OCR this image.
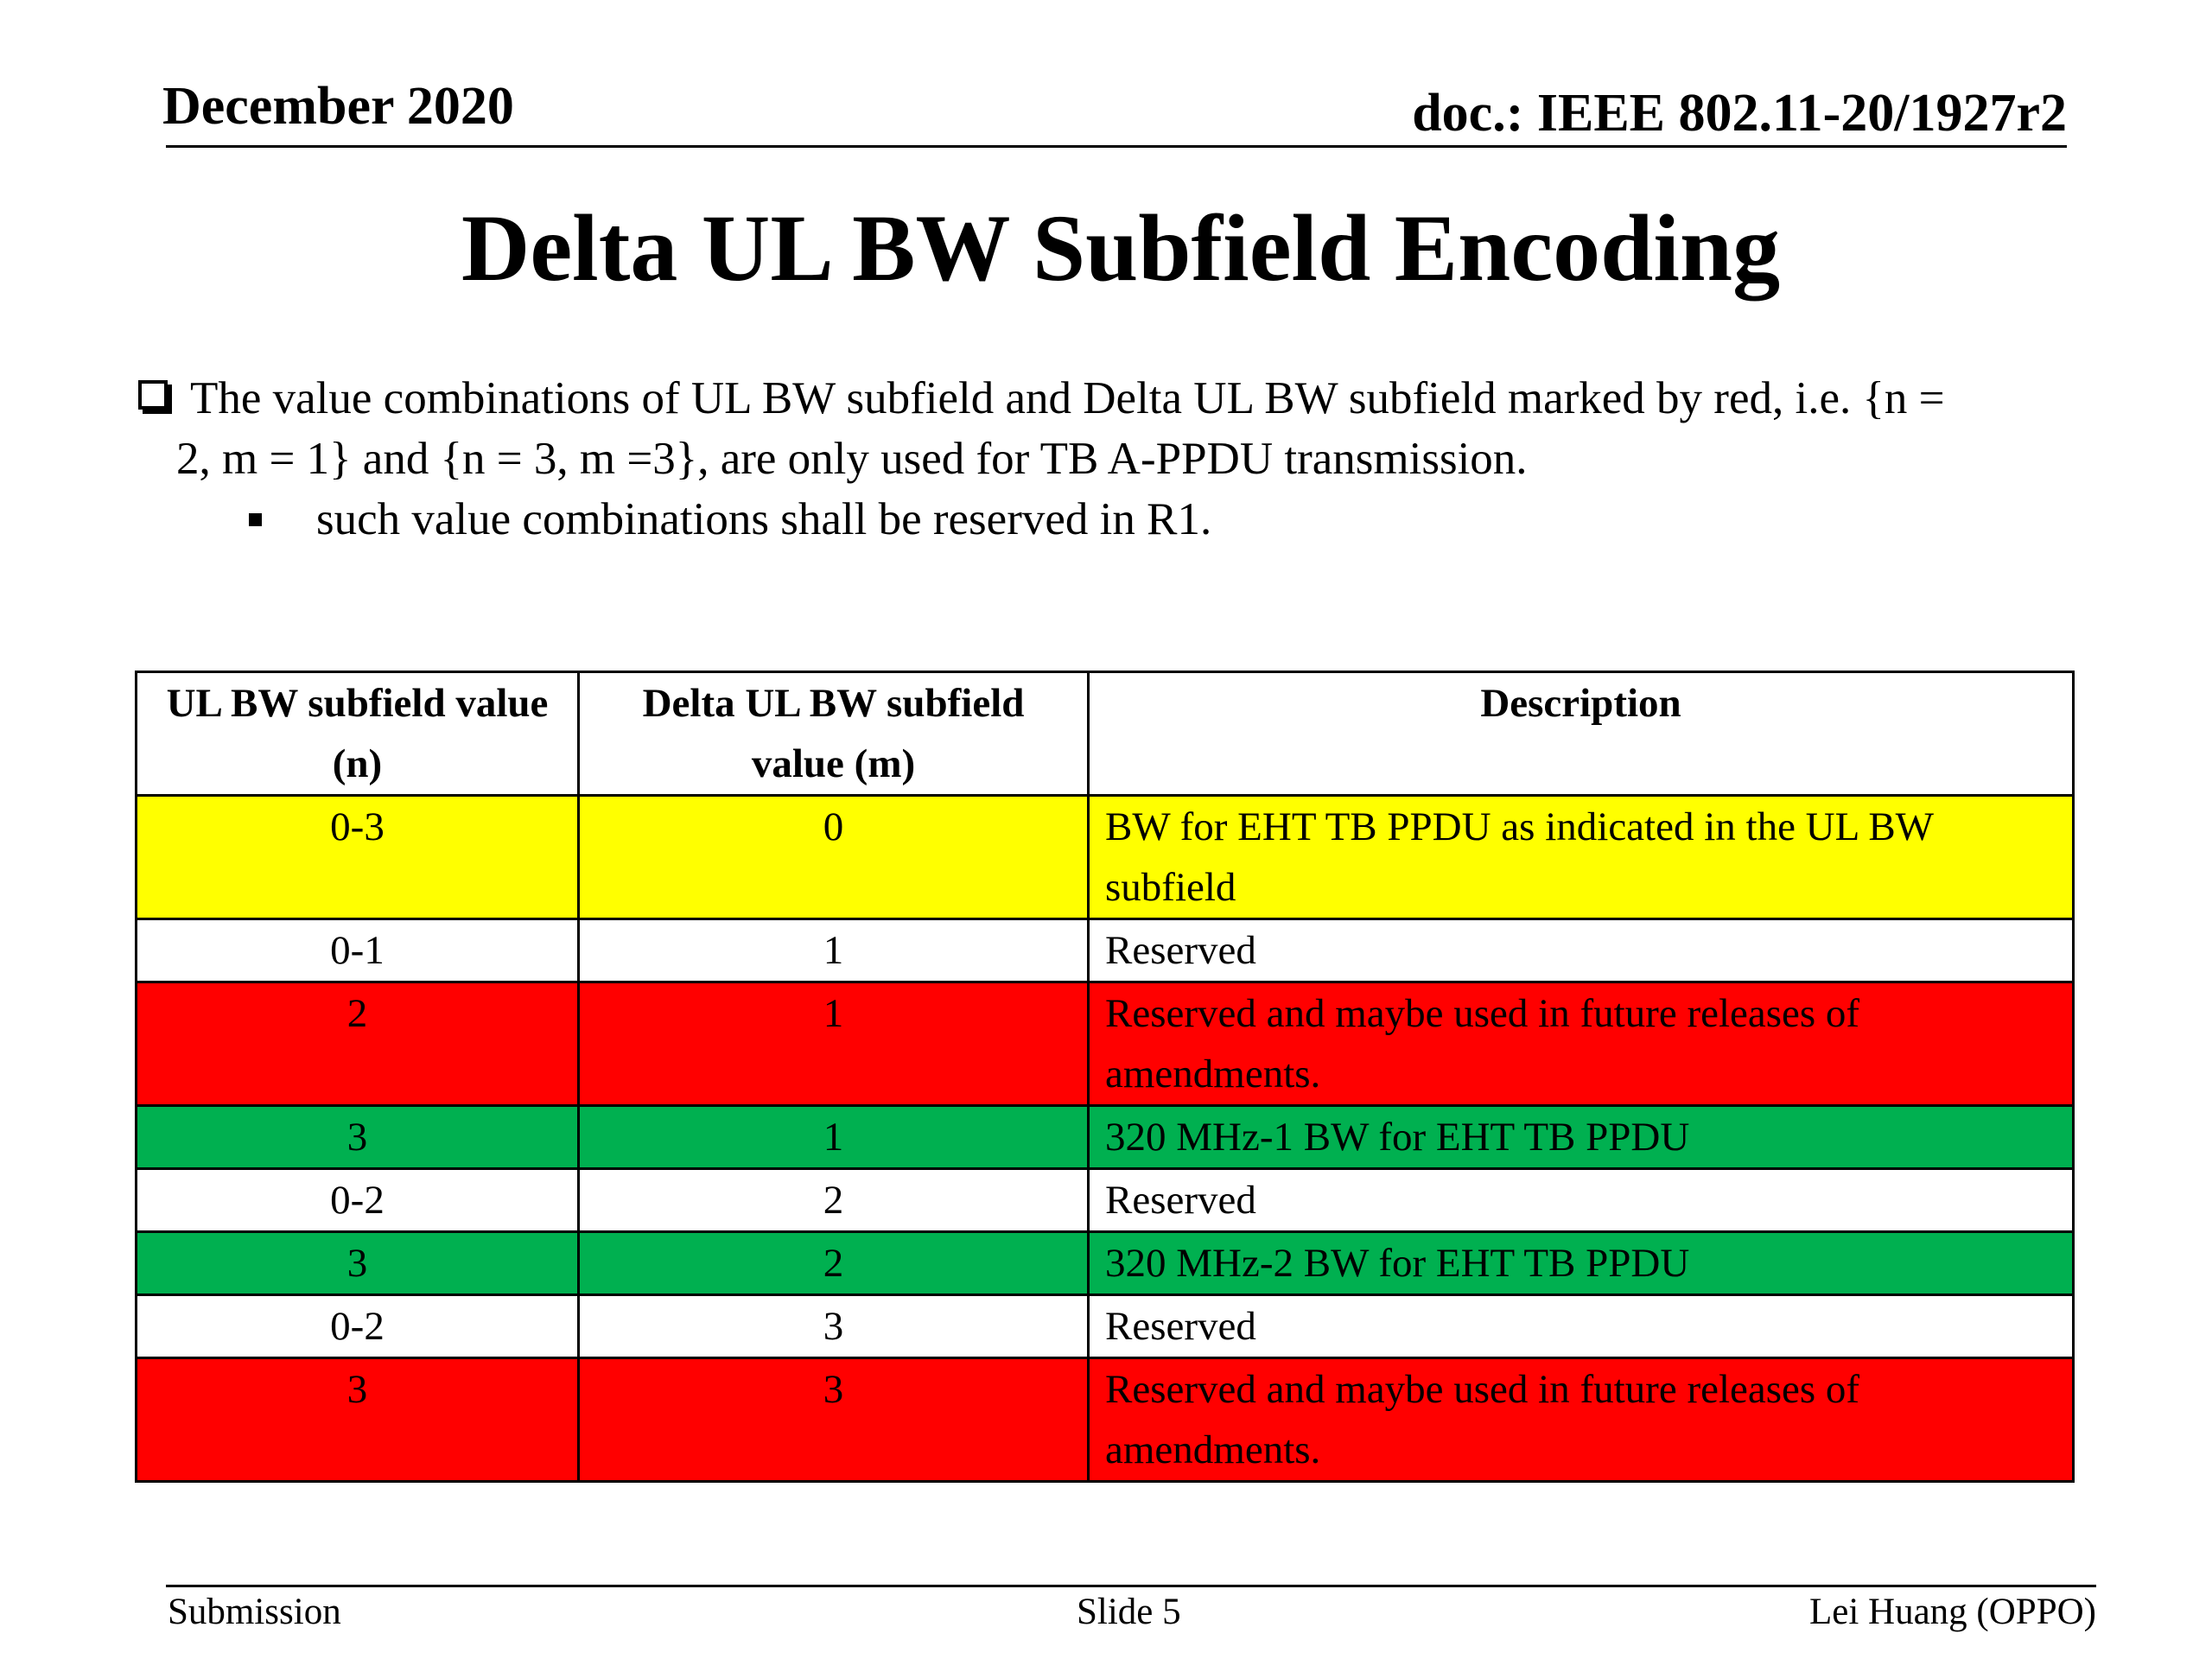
December 2020	doc.: IEEE 802.11-20/1927r2
Delta UL BW Subfield Encoding
The value combinations of UL BW subfield and Delta UL BW subfield marked by red, i.e. {n =
2, m = 1} and {n = 3, m =3}, are only used for TB A-PPDU transmission.
such value combinations shall be reserved in R1.
UL BW subfield value (n)	Delta UL BW subfield value (m)	Description
0-3	0	BW for EHT TB PPDU as indicated in the UL BW subfield
0-1	1	Reserved
2	1	Reserved and maybe used in future releases of amendments.
3	1	320 MHz-1 BW for EHT TB PPDU
0-2	2	Reserved
3	2	320 MHz-2 BW for EHT TB PPDU
0-2	3	Reserved
3	3	Reserved and maybe used in future releases of amendments.
Submission	Slide 5	Lei Huang (OPPO)
